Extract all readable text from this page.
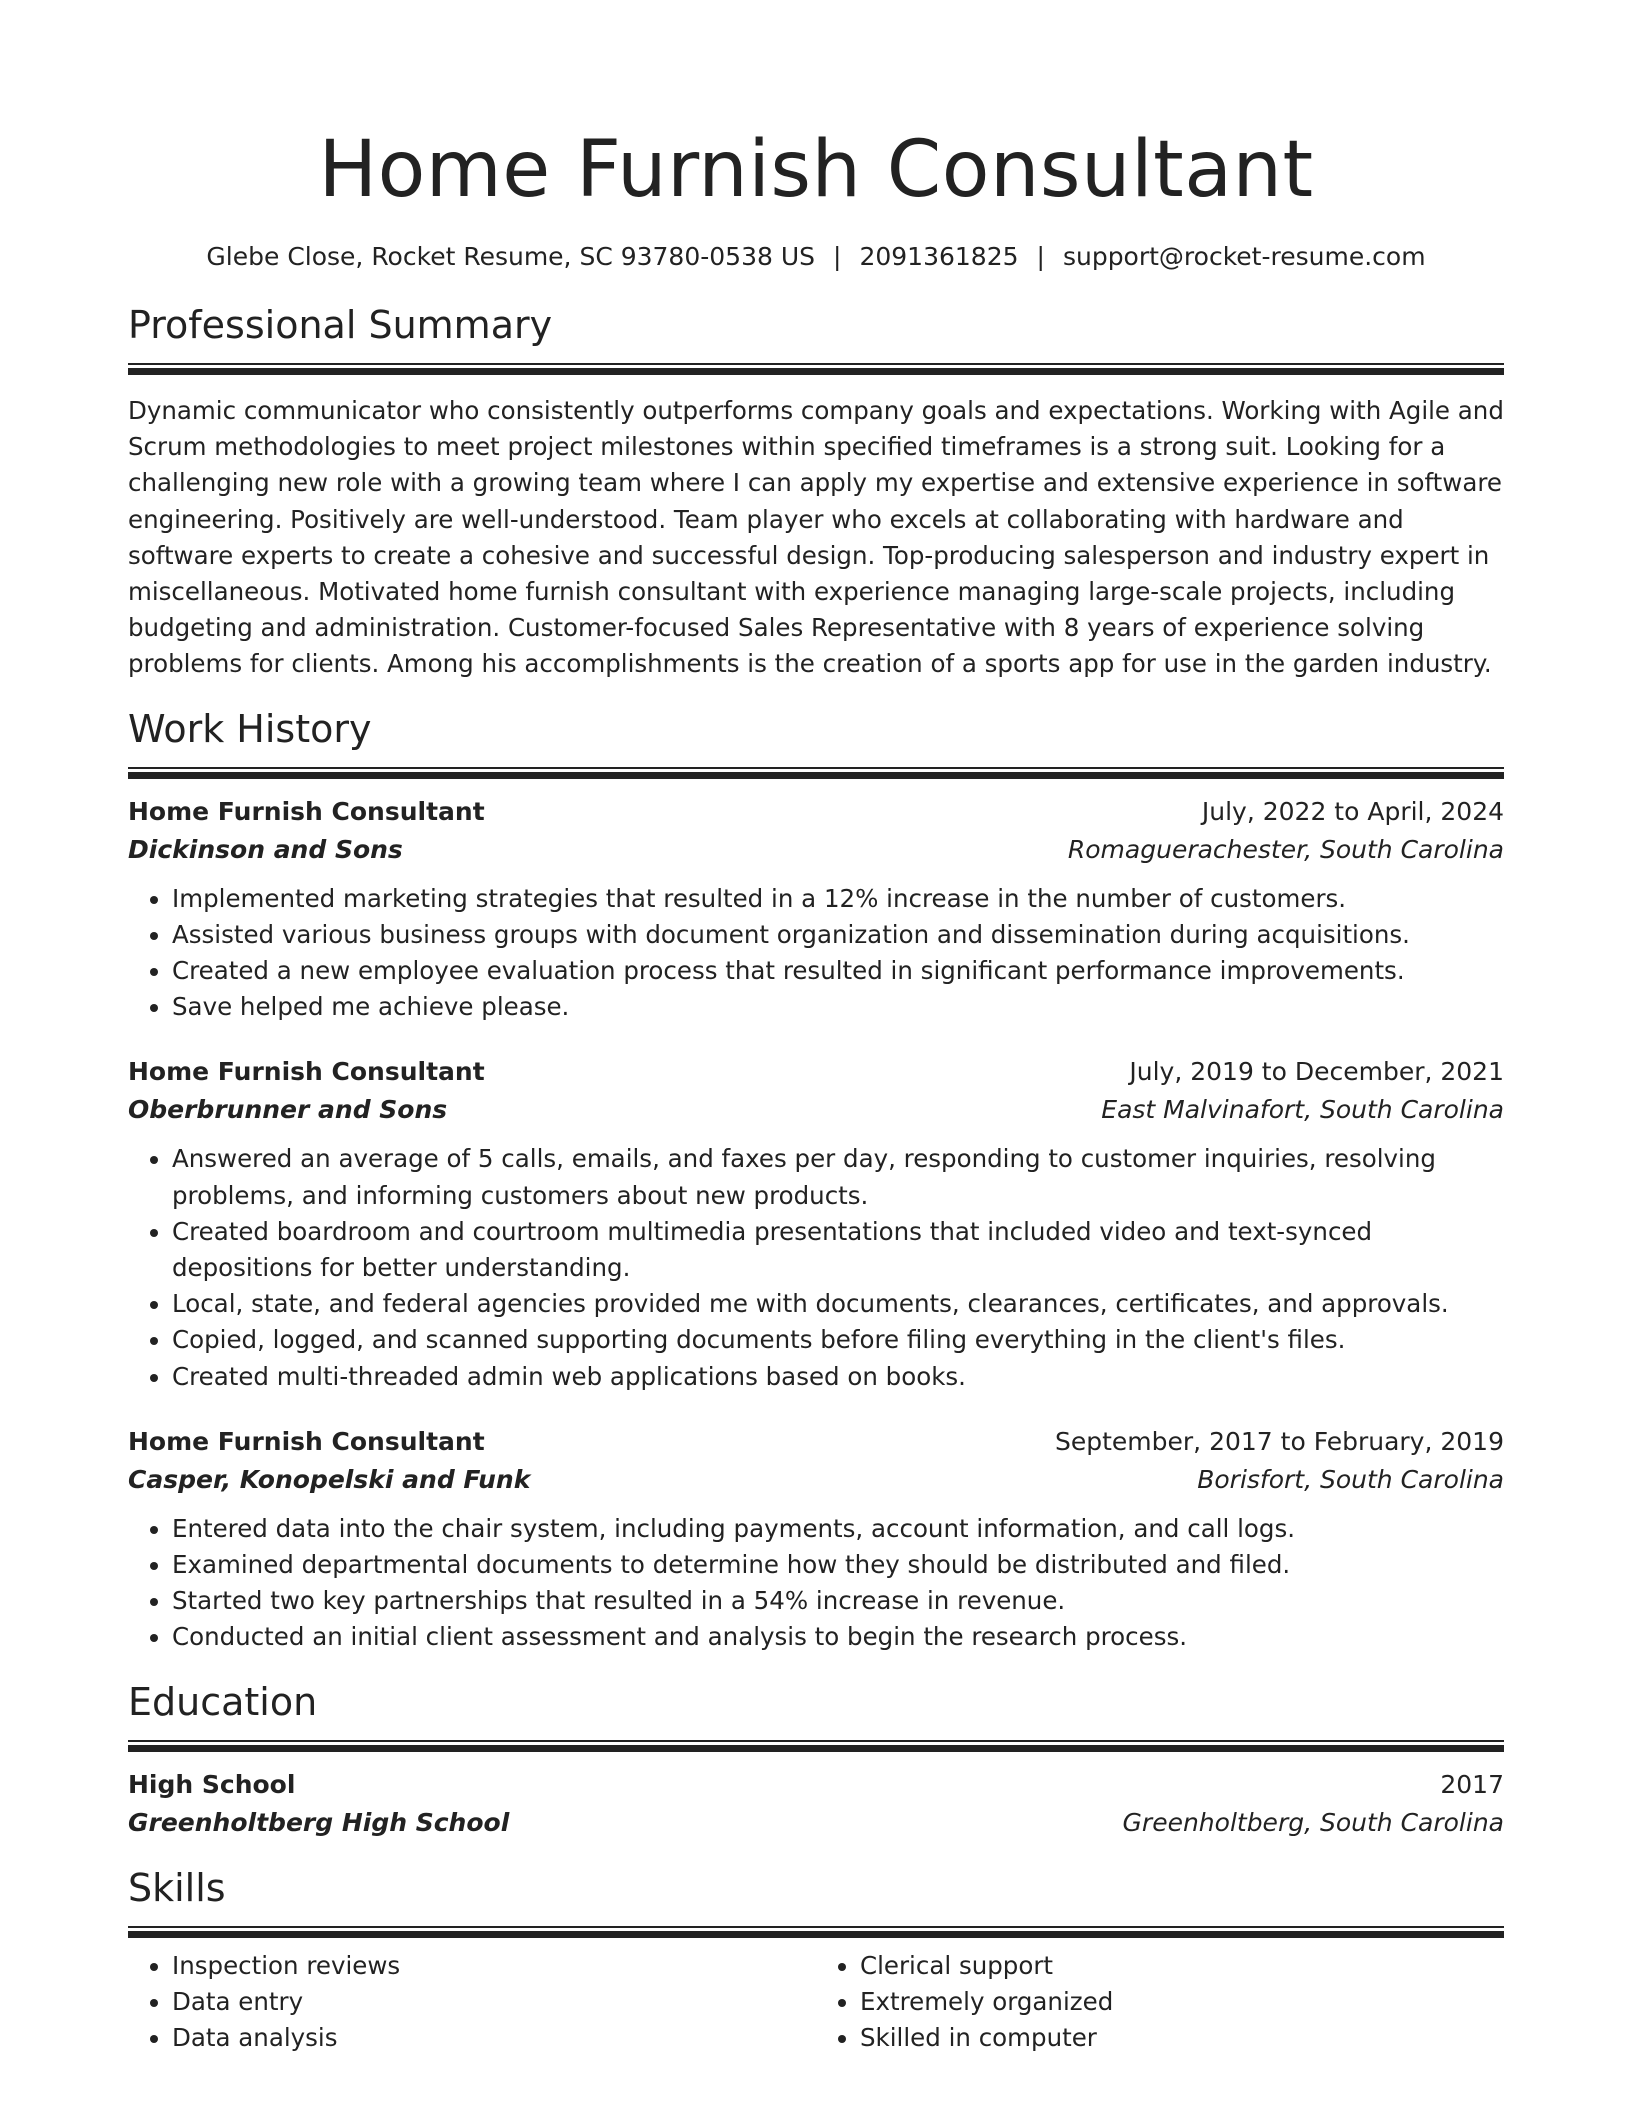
Home Furnish Consultant
Glebe Close, Rocket Resume, SC 93780-0538 US | 2091361825 | support@rocket-resume.com
Professional Summary
Dynamic communicator who consistently outperforms company goals and expectations. Working with Agile and Scrum methodologies to meet project milestones within specified timeframes is a strong suit. Looking for a challenging new role with a growing team where I can apply my expertise and extensive experience in software engineering. Positively are well-understood. Team player who excels at collaborating with hardware and software experts to create a cohesive and successful design. Top-producing salesperson and industry expert in miscellaneous. Motivated home furnish consultant with experience managing large-scale projects, including budgeting and administration. Customer-focused Sales Representative with 8 years of experience solving problems for clients. Among his accomplishments is the creation of a sports app for use in the garden industry.
Work History
Home Furnish Consultant	July, 2022 to April, 2024
Dickinson and Sons	Romaguerachester, South Carolina
• Implemented marketing strategies that resulted in a 12% increase in the number of customers.
• Assisted various business groups with document organization and dissemination during acquisitions.
• Created a new employee evaluation process that resulted in significant performance improvements.
• Save helped me achieve please.
Home Furnish Consultant	July, 2019 to December, 2021
Oberbrunner and Sons	East Malvinafort, South Carolina
• Answered an average of 5 calls, emails, and faxes per day, responding to customer inquiries, resolving problems, and informing customers about new products.
• Created boardroom and courtroom multimedia presentations that included video and text-synced depositions for better understanding.
• Local, state, and federal agencies provided me with documents, clearances, certificates, and approvals.
• Copied, logged, and scanned supporting documents before filing everything in the client's files.
• Created multi-threaded admin web applications based on books.
Home Furnish Consultant	September, 2017 to February, 2019
Casper, Konopelski and Funk	Borisfort, South Carolina
• Entered data into the chair system, including payments, account information, and call logs.
• Examined departmental documents to determine how they should be distributed and filed.
• Started two key partnerships that resulted in a 54% increase in revenue.
• Conducted an initial client assessment and analysis to begin the research process.
Education
High School	2017
Greenholtberg High School	Greenholtberg, South Carolina
Skills
• Inspection reviews
• Data entry
• Data analysis
• Clerical support
• Extremely organized
• Skilled in computer
